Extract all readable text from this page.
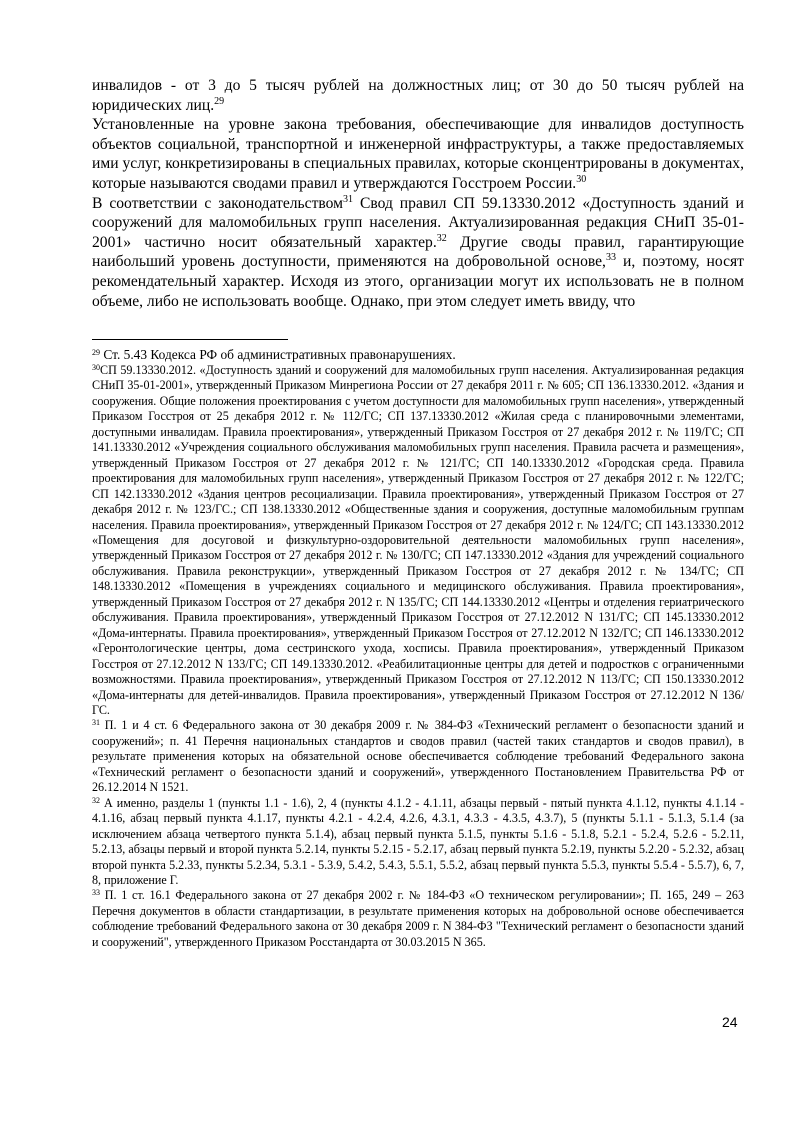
инвалидов - от 3 до 5 тысяч рублей на должностных лиц; от 30 до 50 тысяч рублей на юридических лиц.$^{29}$

Установленные на уровне закона требования, обеспечивающие для инвалидов доступность объектов социальной, транспортной и инженерной инфраструктуры, а также предоставляемых ими услуг, конкретизированы в специальных правилах, которые сконцентрированы в документах, которые называются сводами правил и утверждаются Госстроем России.$^{30}$

В соответствии с законодательством$^{31}$ Свод правил СП 59.13330.2012 «Доступность зданий и сооружений для маломобильных групп населения. Актуализированная редакция СНиП 35-01-2001» частично носит обязательный характер.$^{32}$ Другие своды правил, гарантирующие наибольший уровень доступности, применяются на добровольной основе,$^{33}$ и, поэтому, носят рекомендательный характер. Исходя из этого, организации могут их использовать не в полном объеме, либо не использовать вообще. Однако, при этом следует иметь ввиду, что

$^{29}$ Ст. 5.43 Кодекса РФ об административных правонарушениях.

$^{30}$СП 59.13330.2012. «Доступность зданий и сооружений для маломобильных групп населения. Актуализированная редакция СНиП 35-01-2001», утвержденный Приказом Минрегиона России от 27 декабря 2011 г. № 605; СП 136.13330.2012. «Здания и сооружения. Общие положения проектирования с учетом доступности для маломобильных групп населения», утвержденный Приказом Госстроя от 25 декабря 2012 г. № 112/ГС; СП 137.13330.2012 «Жилая среда с планировочными элементами, доступными инвалидам. Правила проектирования», утвержденный Приказом Госстроя от 27 декабря 2012 г. № 119/ГС; СП 141.13330.2012 «Учреждения социального обслуживания маломобильных групп населения. Правила расчета и размещения», утвержденный Приказом Госстроя от 27 декабря 2012 г. № 121/ГС; СП 140.13330.2012 «Городская среда. Правила проектирования для маломобильных групп населения», утвержденный Приказом Госстроя от 27 декабря 2012 г. № 122/ГС; СП 142.13330.2012 «Здания центров ресоциализации. Правила проектирования», утвержденный Приказом Госстроя от 27 декабря 2012 г. № 123/ГС.; СП 138.13330.2012 «Общественные здания и сооружения, доступные маломобильным группам населения. Правила проектирования», утвержденный Приказом Госстроя от 27 декабря 2012 г. № 124/ГС; СП 143.13330.2012 «Помещения для досуговой и физкультурно-оздоровительной деятельности маломобильных групп населения», утвержденный Приказом Госстроя от 27 декабря 2012 г. № 130/ГС; СП 147.13330.2012 «Здания для учреждений социального обслуживания. Правила реконструкции», утвержденный Приказом Госстроя от 27 декабря 2012 г. № 134/ГС; СП 148.13330.2012 «Помещения в учреждениях социального и медицинского обслуживания. Правила проектирования», утвержденный Приказом Госстроя от 27 декабря 2012 г. N 135/ГС; СП 144.13330.2012 «Центры и отделения гериатрического обслуживания. Правила проектирования», утвержденный Приказом Госстроя от 27.12.2012 N 131/ГС; СП 145.13330.2012 «Дома-интернаты. Правила проектирования», утвержденный Приказом Госстроя от 27.12.2012 N 132/ГС; СП 146.13330.2012 «Геронтологические центры, дома сестринского ухода, хосписы. Правила проектирования», утвержденный Приказом Госстроя от 27.12.2012 N 133/ГС; СП 149.13330.2012. «Реабилитационные центры для детей и подростков с ограниченными возможностями. Правила проектирования», утвержденный Приказом Госстроя от 27.12.2012 N 113/ГС; СП 150.13330.2012 «Дома-интернаты для детей-инвалидов. Правила проектирования», утвержденный Приказом Госстроя от 27.12.2012 N 136/ГС.

$^{31}$ П. 1 и 4 ст. 6 Федерального закона от 30 декабря 2009 г. № 384-ФЗ «Технический регламент о безопасности зданий и сооружений»; п. 41 Перечня национальных стандартов и сводов правил (частей таких стандартов и сводов правил), в результате применения которых на обязательной основе обеспечивается соблюдение требований Федерального закона «Технический регламент о безопасности зданий и сооружений», утвержденного Постановлением Правительства РФ от 26.12.2014 N 1521.

$^{32}$ А именно, разделы 1 (пункты 1.1 - 1.6), 2, 4 (пункты 4.1.2 - 4.1.11, абзацы первый - пятый пункта 4.1.12, пункты 4.1.14 - 4.1.16, абзац первый пункта 4.1.17, пункты 4.2.1 - 4.2.4, 4.2.6, 4.3.1, 4.3.3 - 4.3.5, 4.3.7), 5 (пункты 5.1.1 - 5.1.3, 5.1.4 (за исключением абзаца четвертого пункта 5.1.4), абзац первый пункта 5.1.5, пункты 5.1.6 - 5.1.8, 5.2.1 - 5.2.4, 5.2.6 - 5.2.11, 5.2.13, абзацы первый и второй пункта 5.2.14, пункты 5.2.15 - 5.2.17, абзац первый пункта 5.2.19, пункты 5.2.20 - 5.2.32, абзац второй пункта 5.2.33, пункты 5.2.34, 5.3.1 - 5.3.9, 5.4.2, 5.4.3, 5.5.1, 5.5.2, абзац первый пункта 5.5.3, пункты 5.5.4 - 5.5.7), 6, 7, 8, приложение Г.

$^{33}$ П. 1 ст. 16.1 Федерального закона от 27 декабря 2002 г. № 184-ФЗ «О техническом регулировании»; П. 165, 249 – 263 Перечня документов в области стандартизации, в результате применения которых на добровольной основе обеспечивается соблюдение требований Федерального закона от 30 декабря 2009 г. N 384-ФЗ "Технический регламент о безопасности зданий и сооружений", утвержденного Приказом Росстандарта от 30.03.2015 N 365.

24
